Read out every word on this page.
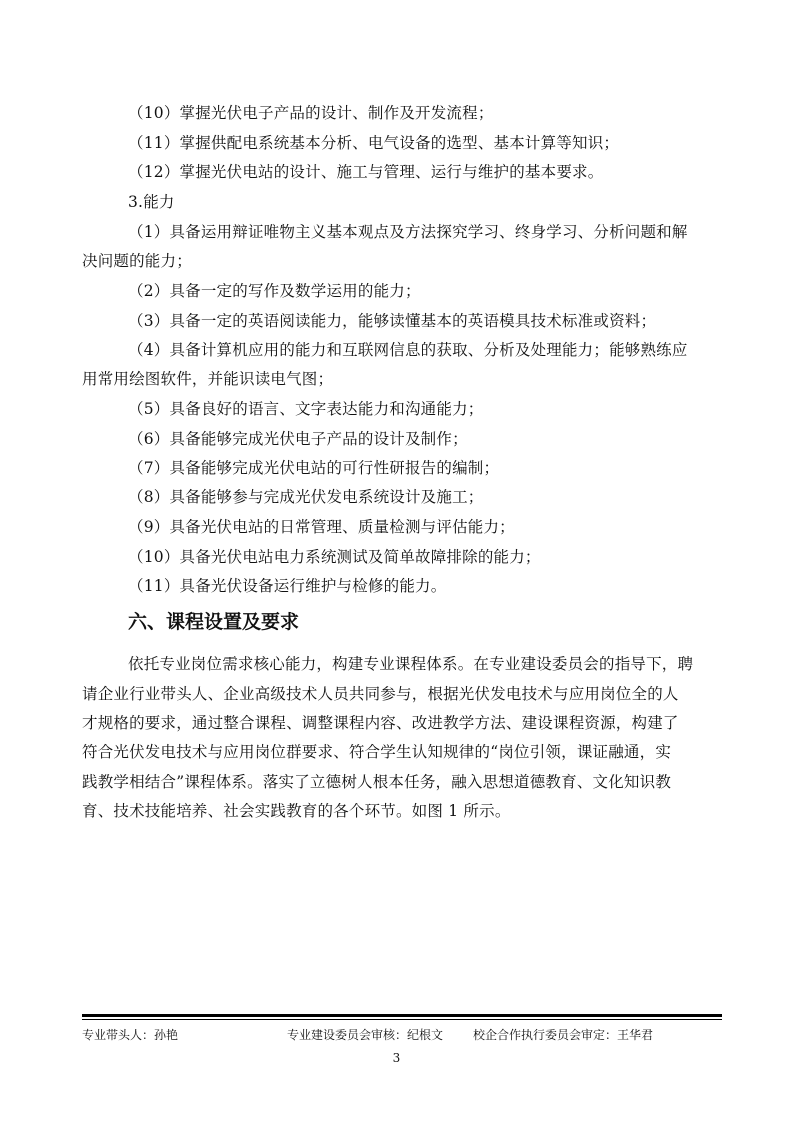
（10）掌握光伏电子产品的设计、制作及开发流程；
（11）掌握供配电系统基本分析、电气设备的选型、基本计算等知识；
（12）掌握光伏电站的设计、施工与管理、运行与维护的基本要求。
3.能力
（1）具备运用辩证唯物主义基本观点及方法探究学习、终身学习、分析问题和解
决问题的能力；
（2）具备一定的写作及数学运用的能力；
（3）具备一定的英语阅读能力，能够读懂基本的英语模具技术标准或资料；
（4）具备计算机应用的能力和互联网信息的获取、分析及处理能力；能够熟练应
用常用绘图软件，并能识读电气图；
（5）具备良好的语言、文字表达能力和沟通能力；
（6）具备能够完成光伏电子产品的设计及制作；
（7）具备能够完成光伏电站的可行性研报告的编制；
（8）具备能够参与完成光伏发电系统设计及施工；
（9）具备光伏电站的日常管理、质量检测与评估能力；
（10）具备光伏电站电力系统测试及简单故障排除的能力；
（11）具备光伏设备运行维护与检修的能力。
六、课程设置及要求
依托专业岗位需求核心能力，构建专业课程体系。在专业建设委员会的指导下，聘
请企业行业带头人、企业高级技术人员共同参与，根据光伏发电技术与应用岗位全的人
才规格的要求，通过整合课程、调整课程内容、改进教学方法、建设课程资源，构建了
符合光伏发电技术与应用岗位群要求、符合学生认知规律的“岗位引领，课证融通，实
践教学相结合”课程体系。落实了立德树人根本任务，融入思想道德教育、文化知识教
育、技术技能培养、社会实践教育的各个环节。如图 1 所示。
专业带头人：孙艳	专业建设委员会审核：纪根文 校企合作执行委员会审定：王华君
3
